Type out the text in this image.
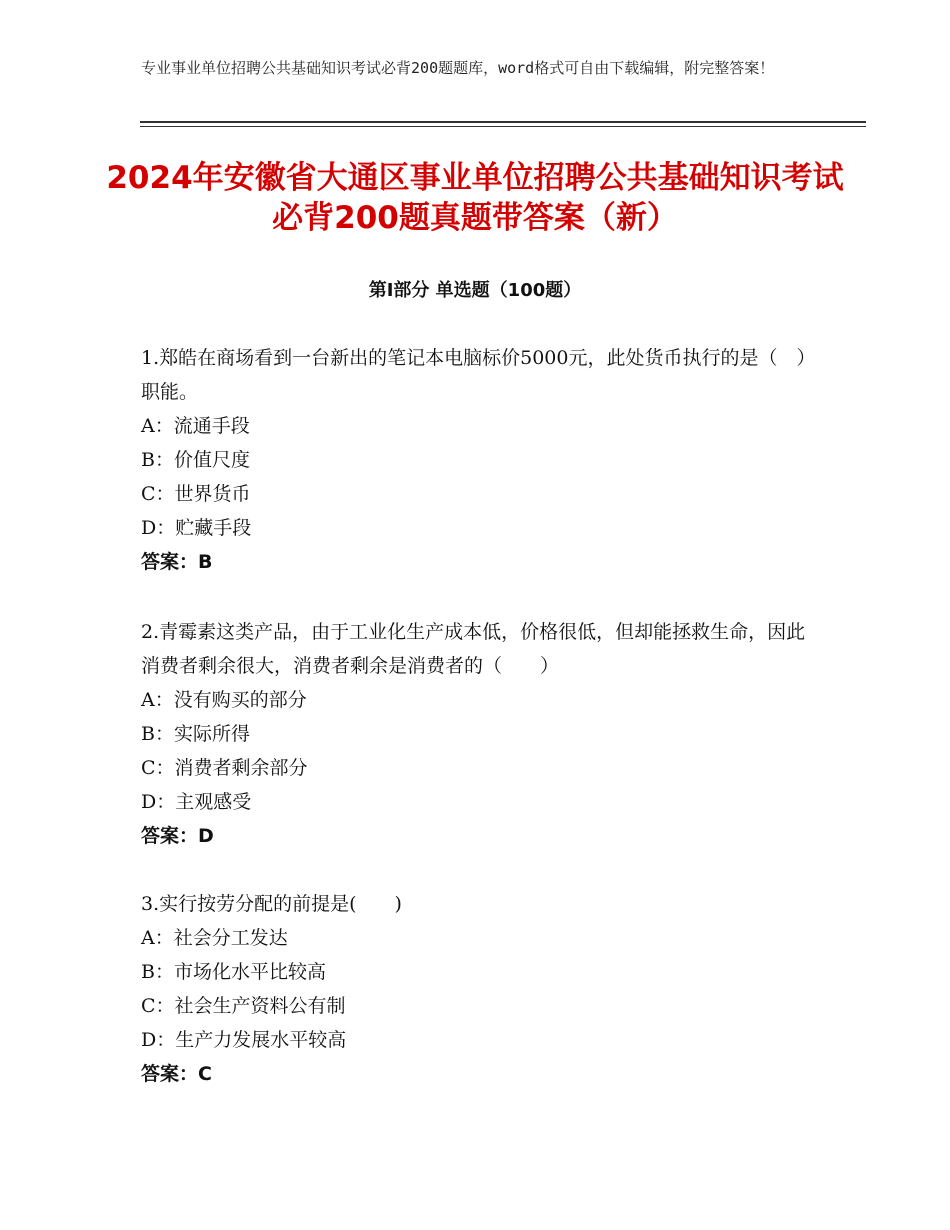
专业事业单位招聘公共基础知识考试必背200题题库，word格式可自由下载编辑，附完整答案！
2024年安徽省大通区事业单位招聘公共基础知识考试必背200题真题带答案（新）
第Ⅰ部分 单选题（100题）

1.郑皓在商场看到一台新出的笔记本电脑标价5000元，此处货币执行的是（　）职能。

A：流通手段

B：价值尺度

C：世界货币

D：贮藏手段

答案：B

2.青霉素这类产品，由于工业化生产成本低，价格很低，但却能拯救生命，因此消费者剩余很大，消费者剩余是消费者的（　　）

A：没有购买的部分

B：实际所得

C：消费者剩余部分

D：主观感受

答案：D

3.实行按劳分配的前提是(　　)

A：社会分工发达

B：市场化水平比较高

C：社会生产资料公有制

D：生产力发展水平较高

答案：C
